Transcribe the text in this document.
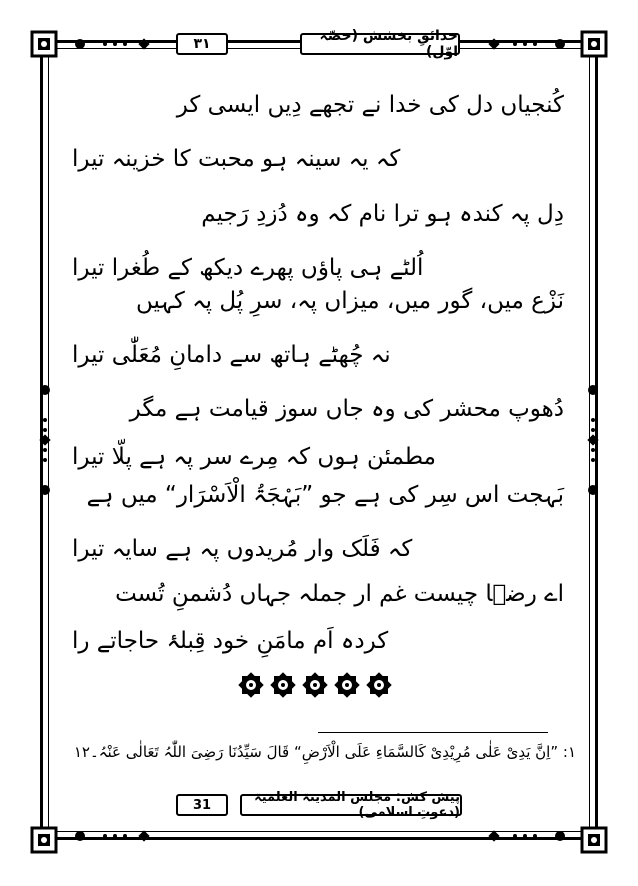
۳۱	حدائقِ بخشش (حصّہ اوّل)
کُنجیاں دل کی خدا نے تجھے دِیں ایسی کر
کہ یہ سینہ ہو محبت کا خزینہ تیرا
دِل پہ کندہ ہو ترا نام کہ وہ دُزدِ رَجیم
اُلٹے ہی پاؤں پھرے دیکھ کے طُغرا تیرا
نَزْع میں، گور میں، میزاں پہ، سرِ پُل پہ کہیں
نہ چُھٹے ہاتھ سے دامانِ مُعَلّٰی تیرا
دُھوپ محشر کی وہ جاں سوز قیامت ہے مگر
مطمئن ہوں کہ مِرے سر پہ ہے پلّا تیرا
بَہجت اس سِر کی ہے جو ”بَہْجَۃُ الْاَسْرَار“ میں ہے
کہ فَلَک وار مُریدوں پہ ہے سایہ تیرا
اے رضؔا چیست غم ار جملہ جہاں دُشمنِ تُست
کردہ اَم مامَنِ خود قِبلۂ حاجاتے را
۱: ”اِنَّ یَدِیْ عَلٰی مُرِیْدِیْ کَالسَّمَاءِ عَلَی الْاَرْضِ“ قَالَ سَیِّدُنَا رَضِیَ اللّٰہُ تَعَالٰی عَنْہُ۔۱۲
31	پیش کش: مجلس المدینۃ العلمیۃ (دعوتِ اسلامی)
